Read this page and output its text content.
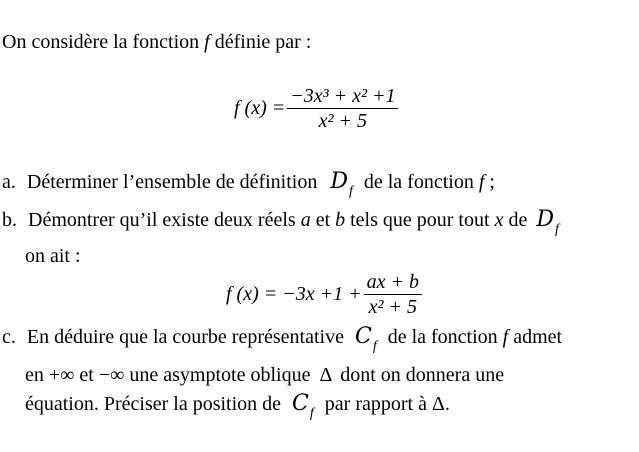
On considère la fonction f définie par :
f $(x) = \frac{\text{−3x³ + x² +1}}{\text{x² + 5}}$
a. Déterminer l’ensemble de définition $D_f$ de la fonction f ;
b. Démontrer qu’il existe deux réels a et b tels que pour tout x de $D_f$
on ait :
f $(x) = -3x +1 + \frac{ax + b}{\text{x² + 5}}$
c. En déduire que la courbe représentative $C_f$ de la fonction f admet
en +∞ et −∞ une asymptote oblique Δ dont on donnera une
équation. Préciser la position de $C_f$ par rapport à Δ.
